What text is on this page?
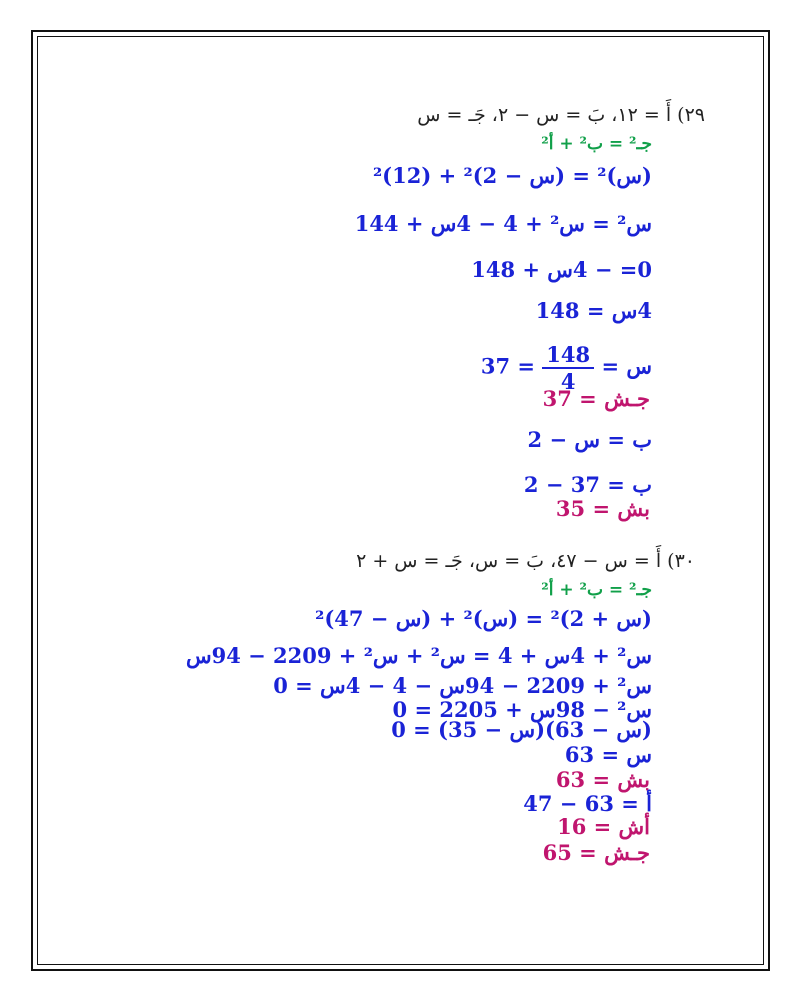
٢٩) أَ = ١٢، بَ = س − ٢، جَـ = س
جـ² = ب² + أ²
(س)² = (س − 2)² + (12)²
س² = س² + 4 − 4س + 144
0= − 4س + 148
4س = 148
س =
$\frac{148}{4}$
= 37
جـش = 37
ب = س − 2
ب = 37 − 2
بش = 35
٣٠) أَ = س − ٤٧، بَ = س، جَـ = س + ٢
جـ² = ب² + أ²
(س + 2)² = (س)² + (س − 47)²
س² + 4س + 4 = س² + س² + 2209 − 94س
س² + 2209 − 94س − 4 − 4س = 0
س² − 98س + 2205 = 0
(س − 63)(س − 35) = 0
س = 63
بش = 63
أ = 63 − 47
أش = 16
جـش = 65
